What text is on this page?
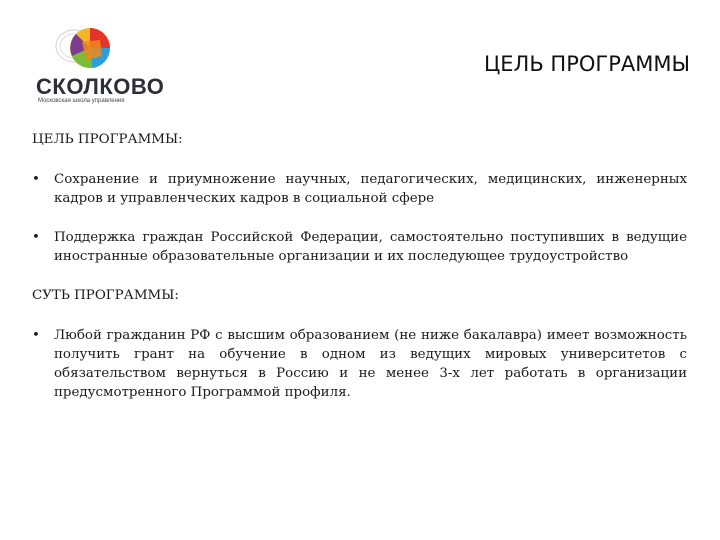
СКОЛКОВО
Московская школа управления
ЦЕЛЬ ПРОГРАММЫ

ЦЕЛЬ ПРОГРАММЫ:

• Сохранение и приумножение научных, педагогических, медицинских, инженерных кадров и управленческих кадров в социальной сфере
• Поддержка граждан Российской Федерации, самостоятельно поступивших в ведущие иностранные образовательные организации и их последующее трудоустройство

СУТЬ ПРОГРАММЫ:

• Любой гражданин РФ с высшим образованием (не ниже бакалавра) имеет возможность получить грант на обучение в одном из ведущих мировых университетов с обязательством вернуться в Россию и не менее 3-х лет работать в организации предусмотренного Программой профиля.
